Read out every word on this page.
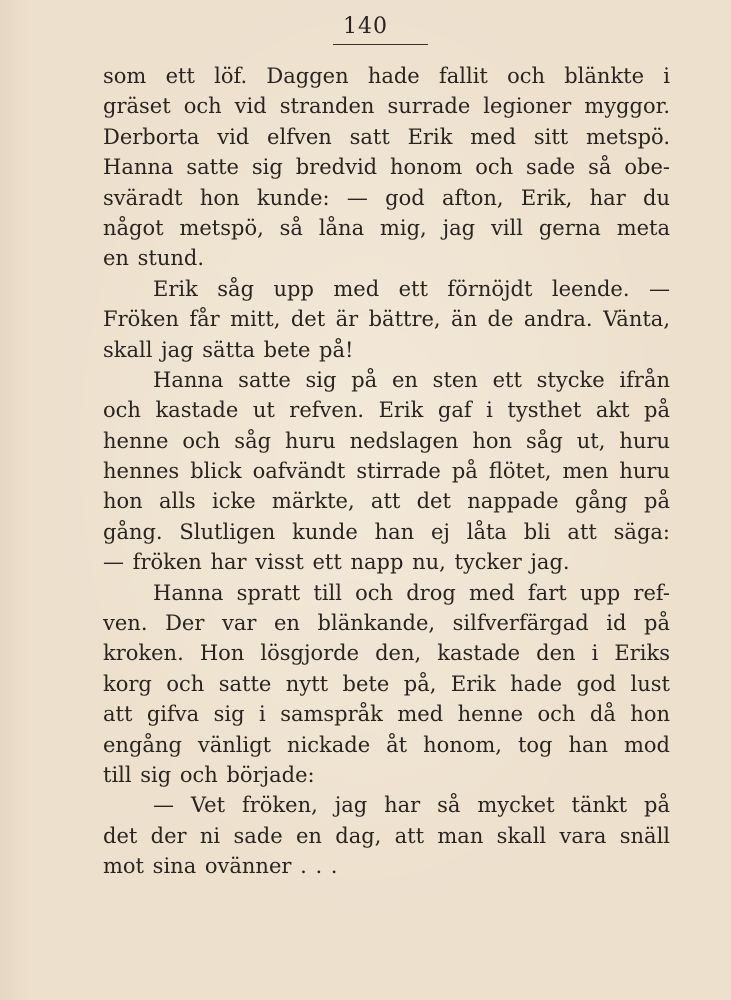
140
som ett löf. Daggen hade fallit och blänkte i
gräset och vid stranden surrade legioner myggor.
Derborta vid elfven satt Erik med sitt metspö.
Hanna satte sig bredvid honom och sade så obe-
sväradt hon kunde: — god afton, Erik, har du
något metspö, så låna mig, jag vill gerna meta
en stund.
Erik såg upp med ett förnöjdt leende. —
Fröken får mitt, det är bättre, än de andra. Vänta,
skall jag sätta bete på!
Hanna satte sig på en sten ett stycke ifrån
och kastade ut refven. Erik gaf i tysthet akt på
henne och såg huru nedslagen hon såg ut, huru
hennes blick oafvändt stirrade på flötet, men huru
hon alls icke märkte, att det nappade gång på
gång. Slutligen kunde han ej låta bli att säga:
— fröken har visst ett napp nu, tycker jag.
Hanna spratt till och drog med fart upp ref-
ven. Der var en blänkande, silfverfärgad id på
kroken. Hon lösgjorde den, kastade den i Eriks
korg och satte nytt bete på, Erik hade god lust
att gifva sig i samspråk med henne och då hon
engång vänligt nickade åt honom, tog han mod
till sig och började:
— Vet fröken, jag har så mycket tänkt på
det der ni sade en dag, att man skall vara snäll
mot sina ovänner . . .
